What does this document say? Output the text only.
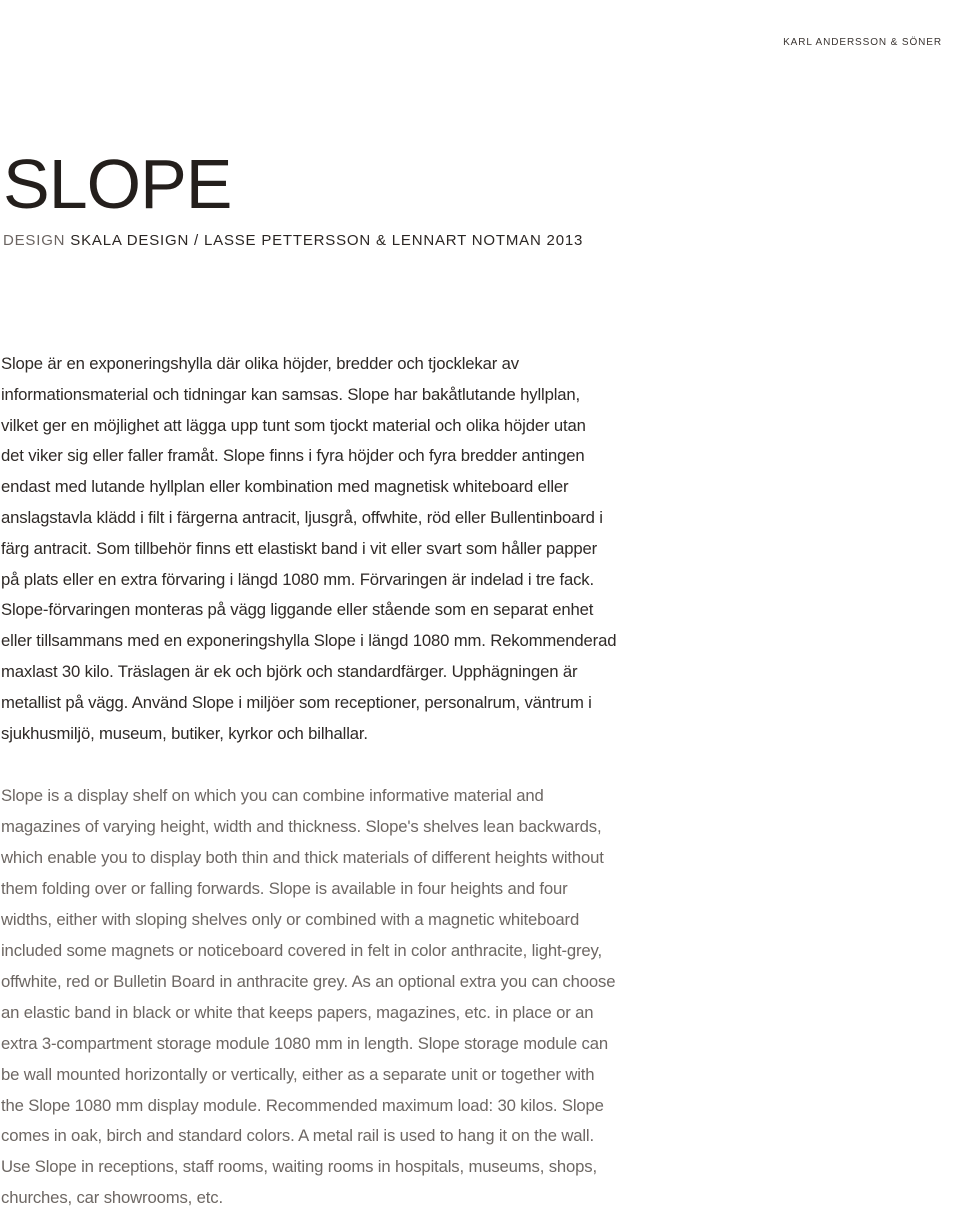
KARL ANDERSSON & SÖNER
SLOPE
DESIGN SKALA DESIGN / LASSE PETTERSSON & LENNART NOTMAN 2013

Slope är en exponeringshylla där olika höjder, bredder och tjocklekar av
informationsmaterial och tidningar kan samsas. Slope har bakåtlutande hyllplan,
vilket ger en möjlighet att lägga upp tunt som tjockt material och olika höjder utan
det viker sig eller faller framåt. Slope finns i fyra höjder och fyra bredder antingen
endast med lutande hyllplan eller kombination med magnetisk whiteboard eller
anslagstavla klädd i filt i färgerna antracit, ljusgrå, offwhite, röd eller Bullentinboard i
färg antracit. Som tillbehör finns ett elastiskt band i vit eller svart som håller papper
på plats eller en extra förvaring i längd 1080 mm. Förvaringen är indelad i tre fack.
Slope-förvaringen monteras på vägg liggande eller stående som en separat enhet
eller tillsammans med en exponeringshylla Slope i längd 1080 mm. Rekommenderad
maxlast 30 kilo. Träslagen är ek och björk och standardfärger. Upphägningen är
metallist på vägg. Använd Slope i miljöer som receptioner, personalrum, väntrum i
sjukhusmiljö, museum, butiker, kyrkor och bilhallar.

Slope is a display shelf on which you can combine informative material and
magazines of varying height, width and thickness. Slope's shelves lean backwards,
which enable you to display both thin and thick materials of different heights without
them folding over or falling forwards. Slope is available in four heights and four
widths, either with sloping shelves only or combined with a magnetic whiteboard
included some magnets or noticeboard covered in felt in color anthracite, light-grey,
offwhite, red or Bulletin Board in anthracite grey. As an optional extra you can choose
an elastic band in black or white that keeps papers, magazines, etc. in place or an
extra 3-compartment storage module 1080 mm in length. Slope storage module can
be wall mounted horizontally or vertically, either as a separate unit or together with
the Slope 1080 mm display module. Recommended maximum load: 30 kilos. Slope
comes in oak, birch and standard colors. A metal rail is used to hang it on the wall.
Use Slope in receptions, staff rooms, waiting rooms in hospitals, museums, shops,
churches, car showrooms, etc.
